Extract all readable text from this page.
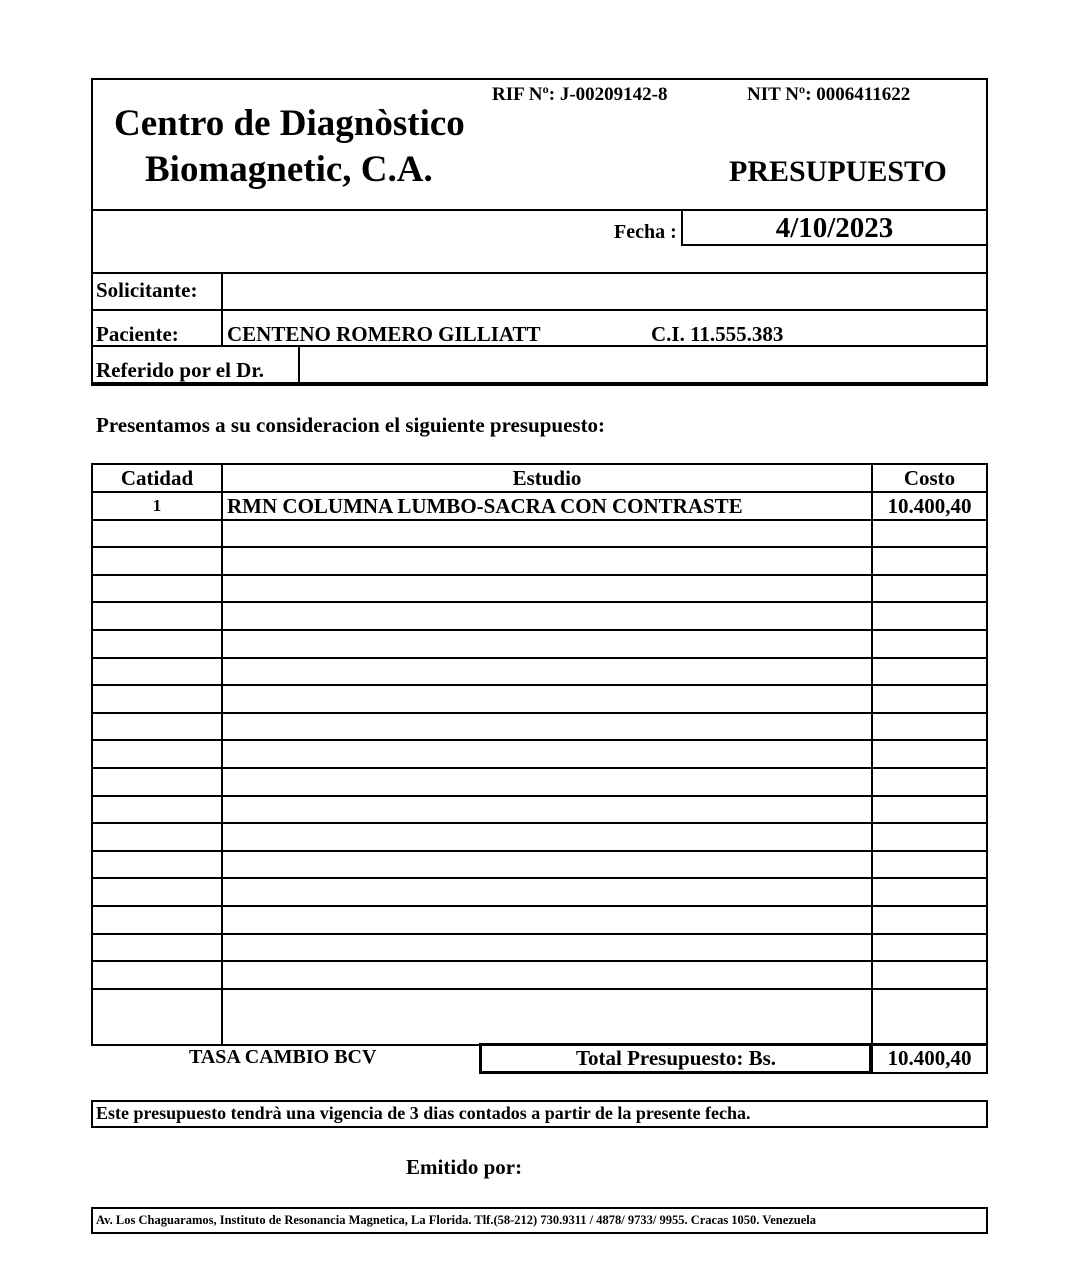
Centro de Diagnòstico
Biomagnetic, C.A.
RIF Nº: J-00209142-8	NIT Nº: 0006411622
PRESUPUESTO
Fecha :	4/10/2023
Solicitante:
Paciente: CENTENO ROMERO GILLIATT	C.I. 11.555.383
Referido por el Dr.
Presentamos a su consideracion el siguiente presupuesto:
Catidad	Estudio	Costo
1	RMN COLUMNA LUMBO-SACRA CON CONTRASTE	10.400,40
TASA CAMBIO BCV	Total Presupuesto: Bs.	10.400,40
Este presupuesto tendrà una vigencia de 3 dias contados a partir de la presente fecha.
Emitido por:
Av. Los Chaguaramos, Instituto de Resonancia Magnetica, La Florida. Tlf.(58-212) 730.9311 / 4878/ 9733/ 9955. Cracas 1050. Venezuela
